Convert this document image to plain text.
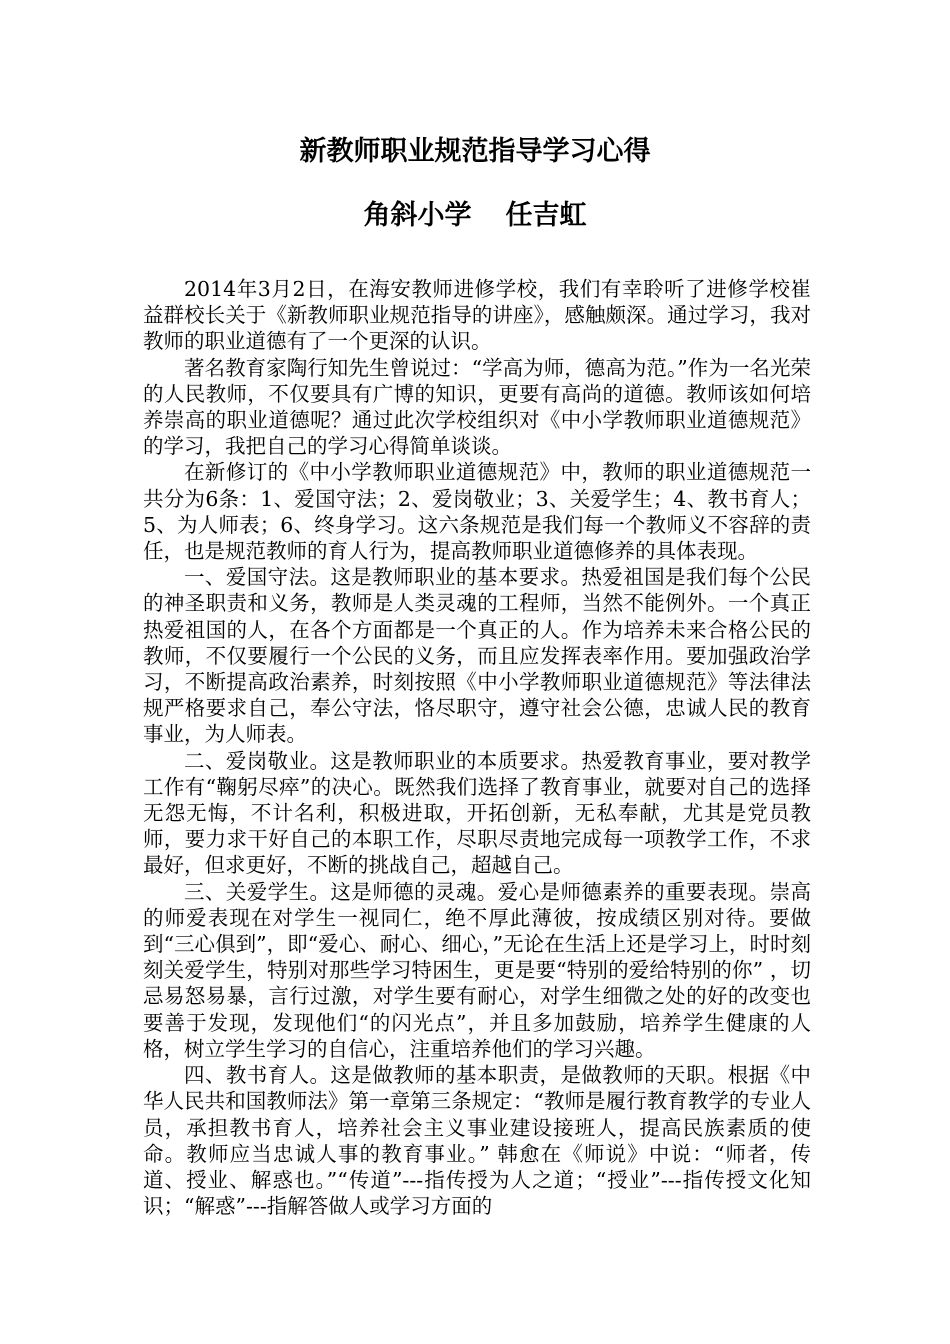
新教师职业规范指导学习心得
角斜小学 任吉虹

2014年3月2日，在海安教师进修学校，我们有幸聆听了进修学校崔益群校长关于《新教师职业规范指导的讲座》，感触颇深。通过学习，我对教师的职业道德有了一个更深的认识。

著名教育家陶行知先生曾说过：“学高为师，德高为范。”作为一名光荣的人民教师，不仅要具有广博的知识，更要有高尚的道德。教师该如何培养崇高的职业道德呢？通过此次学校组织对《中小学教师职业道德规范》的学习，我把自己的学习心得简单谈谈。

在新修订的《中小学教师职业道德规范》中，教师的职业道德规范一共分为6条：1、爱国守法；2、爱岗敬业；3、关爱学生；4、教书育人；5、为人师表；6、终身学习。这六条规范是我们每一个教师义不容辞的责任，也是规范教师的育人行为，提高教师职业道德修养的具体表现。

一、爱国守法。这是教师职业的基本要求。热爱祖国是我们每个公民的神圣职责和义务，教师是人类灵魂的工程师，当然不能例外。一个真正热爱祖国的人，在各个方面都是一个真正的人。作为培养未来合格公民的教师，不仅要履行一个公民的义务，而且应发挥表率作用。要加强政治学习，不断提高政治素养，时刻按照《中小学教师职业道德规范》等法律法规严格要求自己，奉公守法，恪尽职守，遵守社会公德，忠诚人民的教育事业，为人师表。

二、爱岗敬业。这是教师职业的本质要求。热爱教育事业，要对教学工作有“鞠躬尽瘁”的决心。既然我们选择了教育事业，就要对自己的选择无怨无悔，不计名利，积极进取，开拓创新，无私奉献，尤其是党员教师，要力求干好自己的本职工作，尽职尽责地完成每一项教学工作，不求最好，但求更好，不断的挑战自己，超越自己。

三、关爱学生。这是师德的灵魂。爱心是师德素养的重要表现。崇高的师爱表现在对学生一视同仁，绝不厚此薄彼，按成绩区别对待。要做到“三心俱到”，即“爱心、耐心、细心，”无论在生活上还是学习上，时时刻刻关爱学生，特别对那些学习特困生，更是要“特别的爱给特别的你” ，切忌易怒易暴，言行过激，对学生要有耐心，对学生细微之处的好的改变也要善于发现，发现他们“的闪光点”，并且多加鼓励，培养学生健康的人格，树立学生学习的自信心，注重培养他们的学习兴趣。

四、教书育人。这是做教师的基本职责，是做教师的天职。根据《中华人民共和国教师法》第一章第三条规定：“教师是履行教育教学的专业人员，承担教书育人，培养社会主义事业建设接班人，提高民族素质的使命。教师应当忠诚人事的教育事业。” 韩愈在《师说》中说：“师者，传道、授业、解惑也。”“传道”---指传授为人之道；“授业”---指传授文化知识；“解惑”---指解答做人或学习方面的
